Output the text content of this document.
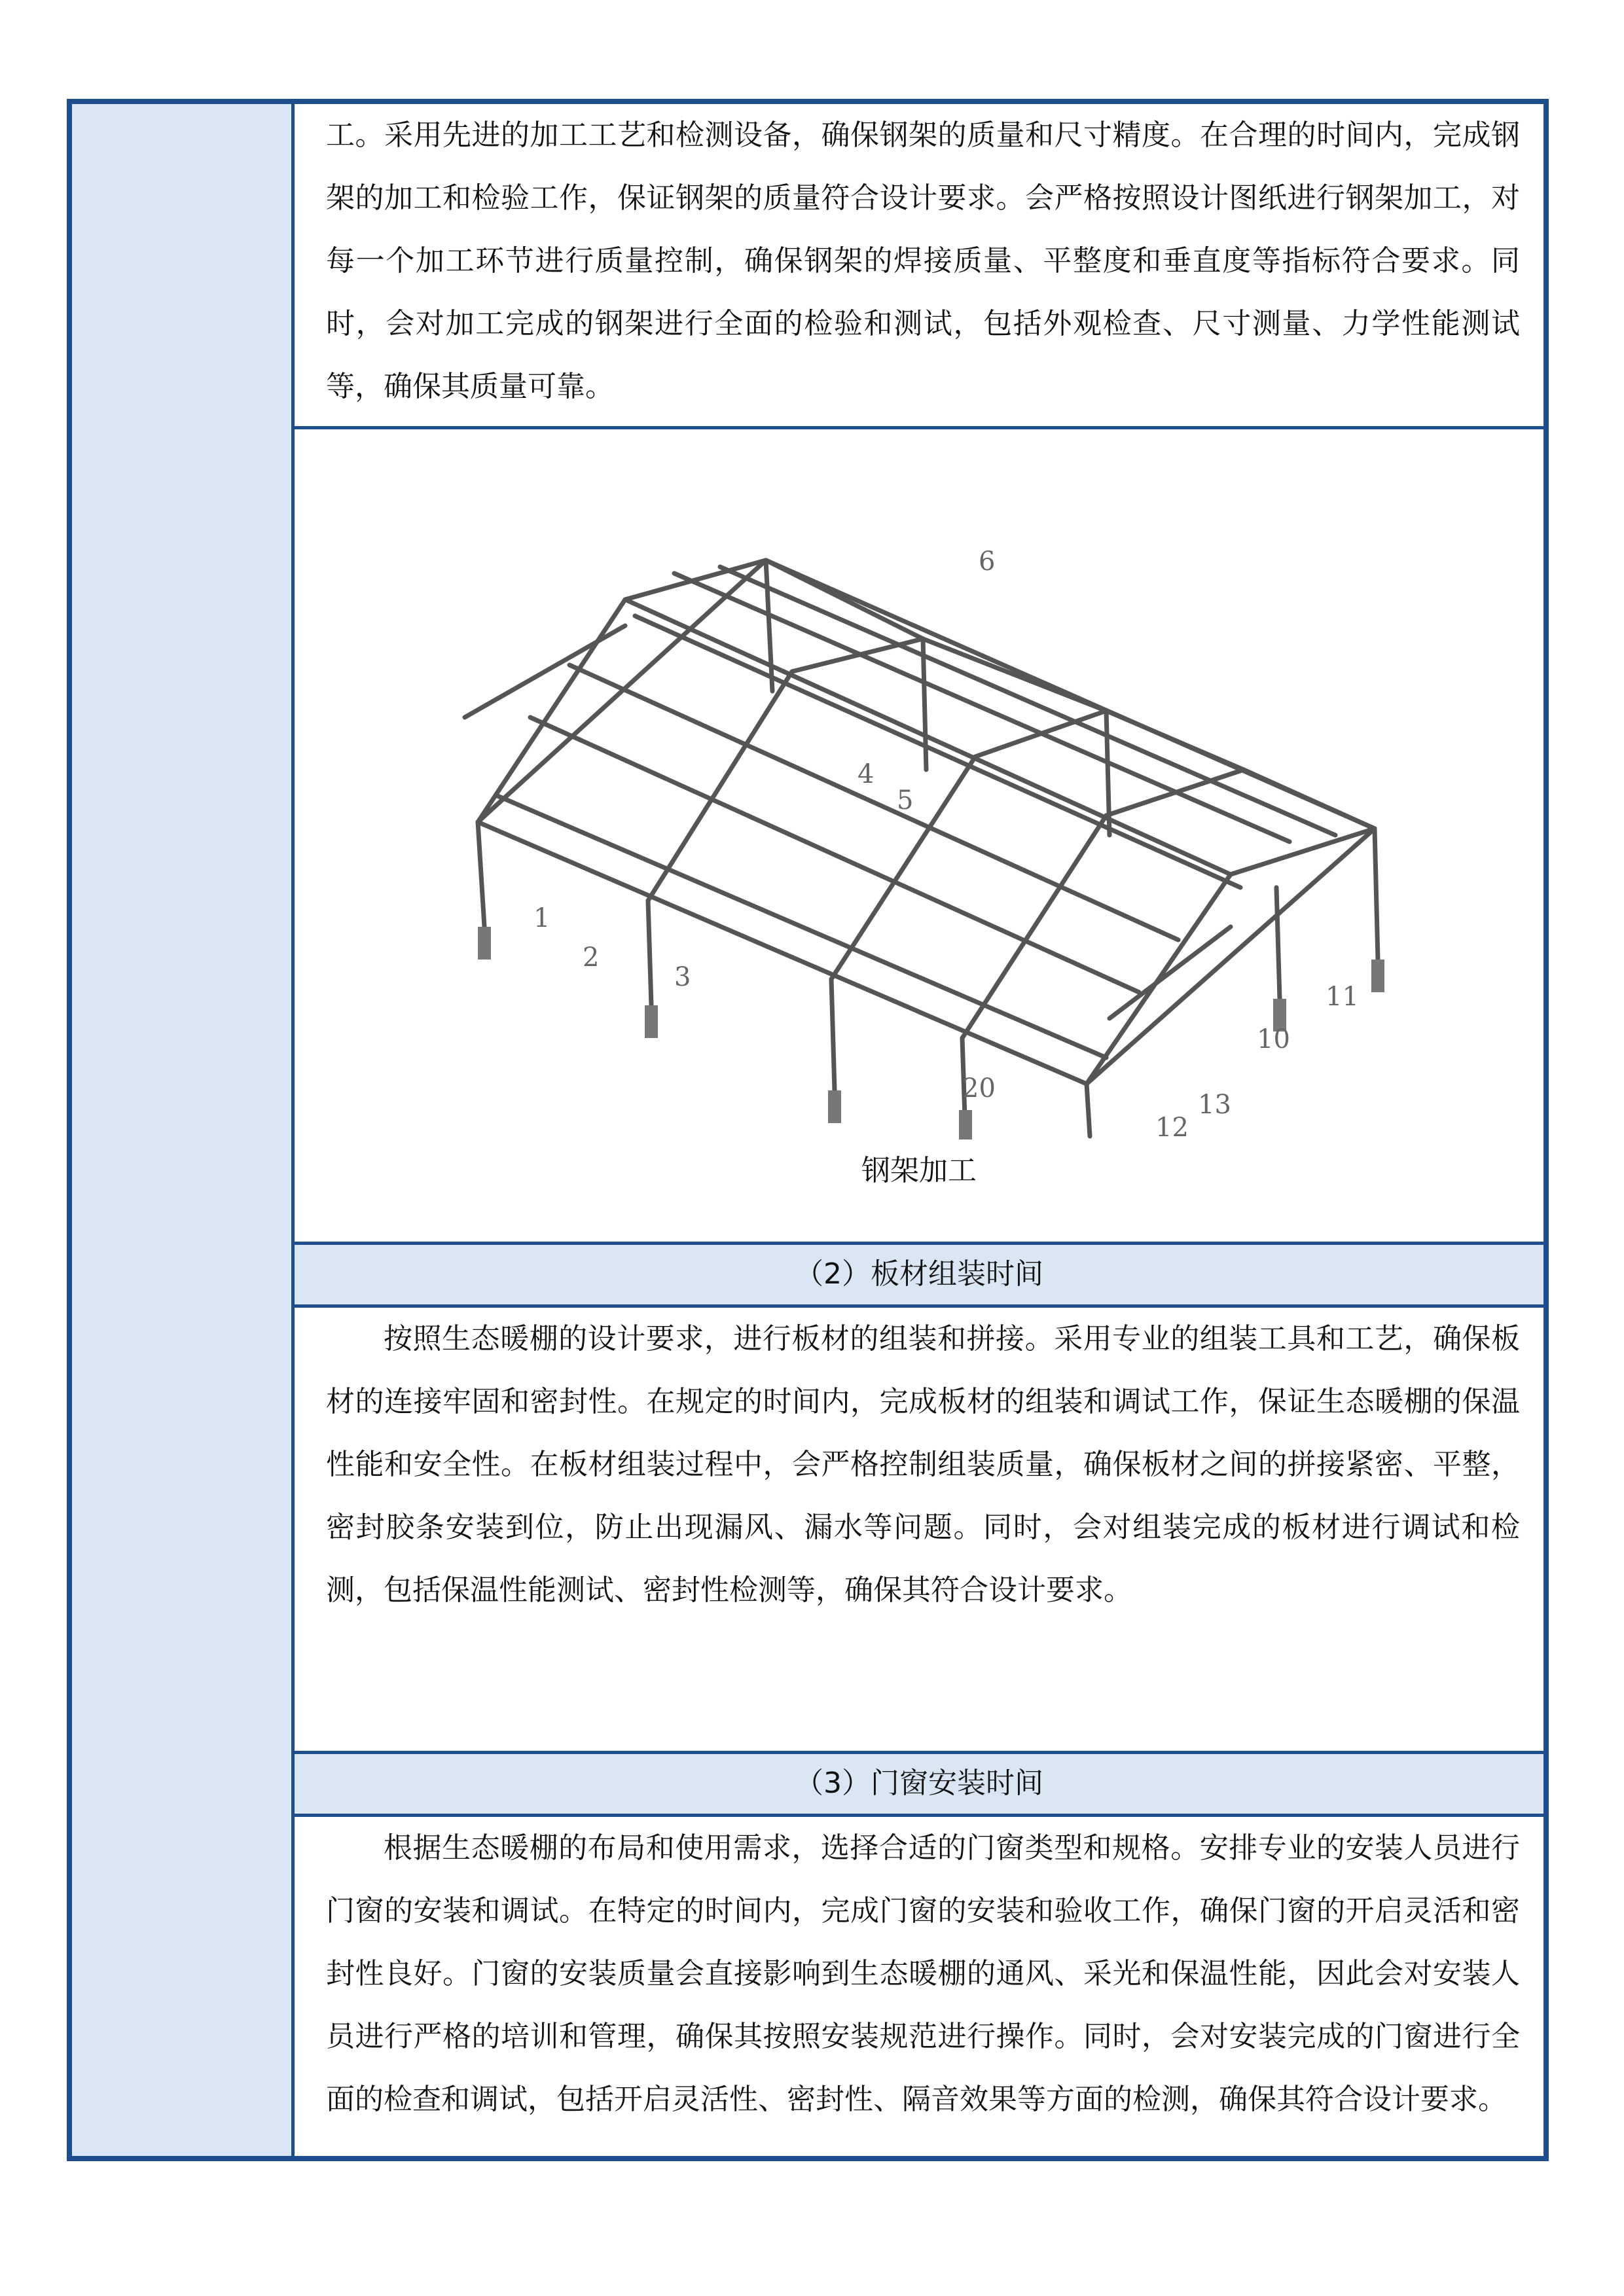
工。采用先进的加工工艺和检测设备，确保钢架的质量和尺寸精度。在合理的时间内，完成钢架的加工和检验工作，保证钢架的质量符合设计要求。会严格按照设计图纸进行钢架加工，对每一个加工环节进行质量控制，确保钢架的焊接质量、平整度和垂直度等指标符合要求。同时，会对加工完成的钢架进行全面的检验和测试，包括外观检查、尺寸测量、力学性能测试等，确保其质量可靠。
1
2
3
4
5
6
10
11
12
13
20
钢架加工
（2）板材组装时间
按照生态暖棚的设计要求，进行板材的组装和拼接。采用专业的组装工具和工艺，确保板材的连接牢固和密封性。在规定的时间内，完成板材的组装和调试工作，保证生态暖棚的保温性能和安全性。在板材组装过程中，会严格控制组装质量，确保板材之间的拼接紧密、平整，密封胶条安装到位，防止出现漏风、漏水等问题。同时，会对组装完成的板材进行调试和检测，包括保温性能测试、密封性检测等，确保其符合设计要求。
（3）门窗安装时间
根据生态暖棚的布局和使用需求，选择合适的门窗类型和规格。安排专业的安装人员进行门窗的安装和调试。在特定的时间内，完成门窗的安装和验收工作，确保门窗的开启灵活和密封性良好。门窗的安装质量会直接影响到生态暖棚的通风、采光和保温性能，因此会对安装人员进行严格的培训和管理，确保其按照安装规范进行操作。同时，会对安装完成的门窗进行全面的检查和调试，包括开启灵活性、密封性、隔音效果等方面的检测，确保其符合设计要求。
